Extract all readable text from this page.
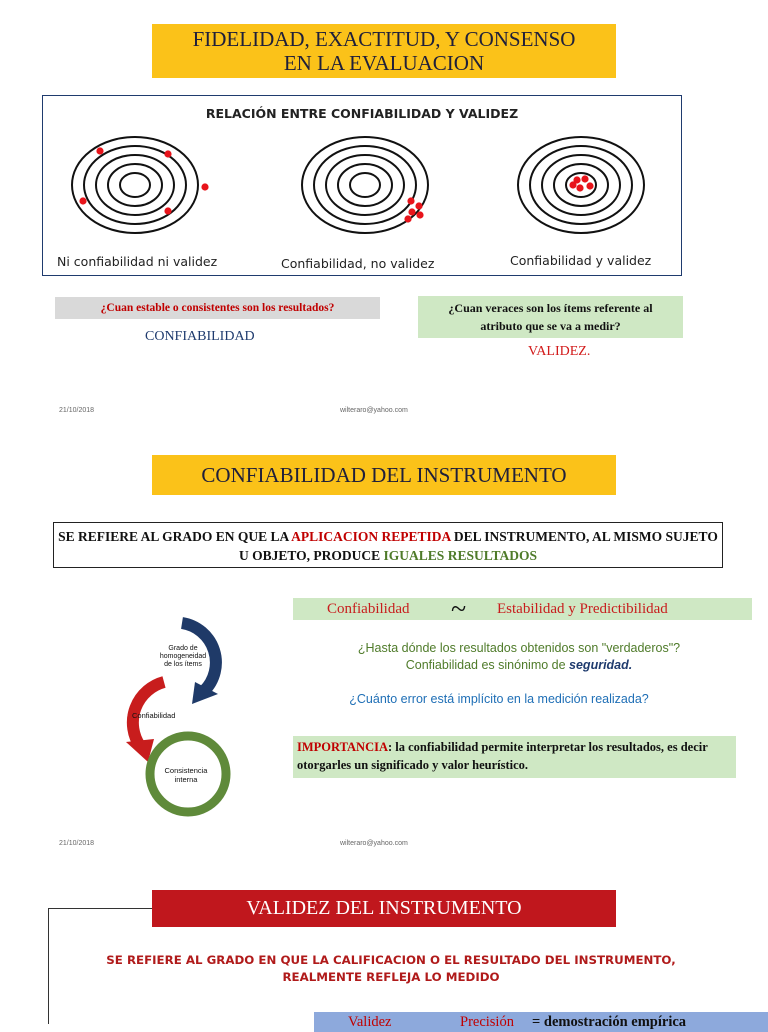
FIDELIDAD, EXACTITUD, Y CONSENSO
EN LA EVALUACION
RELACIÓN ENTRE CONFIABILIDAD Y VALIDEZ
Ni confiabilidad ni validez	Confiabilidad, no validez	Confiabilidad y validez
¿Cuan estable o consistentes son los resultados?
CONFIABILIDAD
¿Cuan veraces son los ítems referente al atributo que se va a medir?
VALIDEZ.
21/10/2018	wilteraro@yahoo.com
CONFIABILIDAD DEL INSTRUMENTO
SE REFIERE AL GRADO EN QUE LA APLICACION REPETIDA DEL INSTRUMENTO, AL MISMO SUJETO U OBJETO, PRODUCE IGUALES RESULTADOS
Grado de homogeneidad de los ítems
Confiabilidad
Consistencia interna
Confiabilidad ~ Estabilidad y Predictibilidad
¿Hasta dónde los resultados obtenidos son "verdaderos"?
Confiabilidad es sinónimo de seguridad.
¿Cuánto error está implícito en la medición realizada?
IMPORTANCIA: la confiabilidad permite interpretar los resultados, es decir otorgarles un significado y valor heurístico.
21/10/2018	wilteraro@yahoo.com
VALIDEZ DEL INSTRUMENTO
SE REFIERE AL GRADO EN QUE LA CALIFICACION O EL RESULTADO DEL INSTRUMENTO,
REALMENTE REFLEJA LO MEDIDO
Validez	Precisión = demostración empírica
